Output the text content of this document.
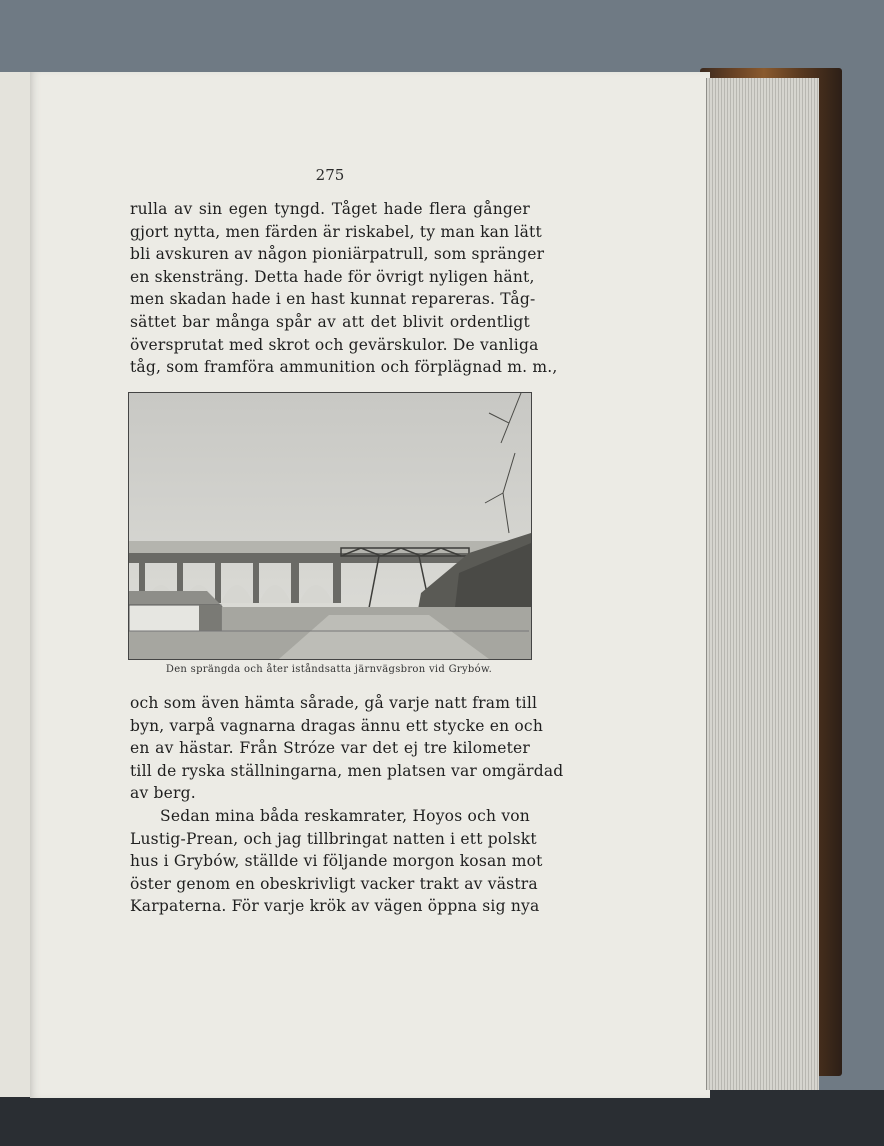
275
rulla av sin egen tyngd. Tåget hade flera gånger
gjort nytta, men färden är riskabel, ty man kan lätt
bli avskuren av någon pioniärpatrull, som spränger
en skensträng. Detta hade för övrigt nyligen hänt,
men skadan hade i en hast kunnat repareras. Tåg-
sättet bar många spår av att det blivit ordentligt
översprutat med skrot och gevärskulor. De vanliga
tåg, som framföra ammunition och förplägnad m. m.,
Den sprängda och åter iståndsatta järnvägsbron vid Grybów.
och som även hämta sårade, gå varje natt fram till
byn, varpå vagnarna dragas ännu ett stycke en och
en av hästar. Från Stróze var det ej tre kilometer
till de ryska ställningarna, men platsen var omgärdad
av berg.
Sedan mina båda reskamrater, Hoyos och von
Lustig-Prean, och jag tillbringat natten i ett polskt
hus i Grybów, ställde vi följande morgon kosan mot
öster genom en obeskrivligt vacker trakt av västra
Karpaterna. För varje krök av vägen öppna sig nya
